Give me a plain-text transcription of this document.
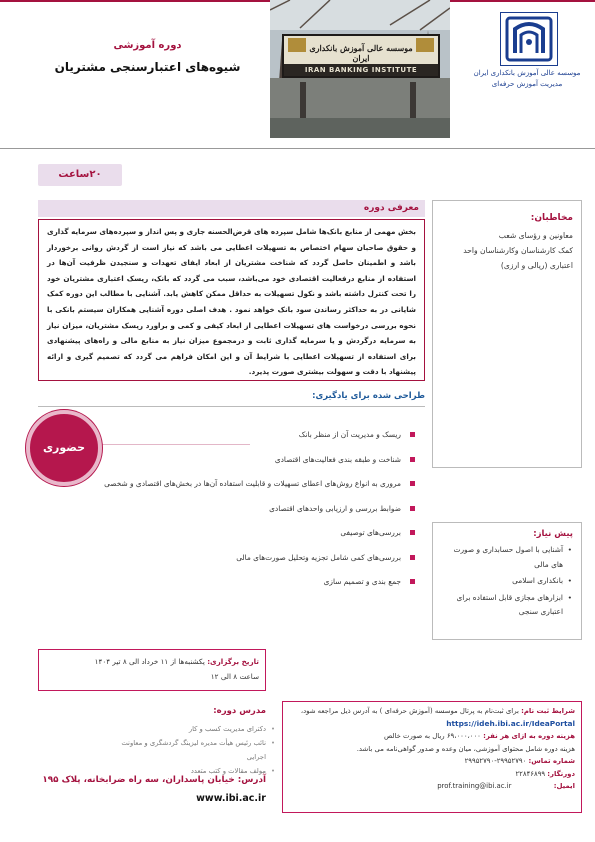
موسسه عالی آموزش بانکداری ایران
مدیریت آموزش حرفه‌ای
موسسه عالی آموزش بانکداری ایران
IRAN BANKING INSTITUTE
دوره آموزشی
شیوه‌های اعتبارسنجی مشتریان
۲۰ساعت
معرفی دوره
بخش مهمی از منابع بانک‌ها شامل سپرده های قرض‌الحسنه جاری و پس انداز و سپرده‌های سرمایه گذاری و حقوق صاحبان سهام اختصاص به تسهیلات اعطایی می باشد که نیاز است از گردش روانی برخوردار باشد و اطمینان حاصل گردد که شناخت مشتریان از ابعاد ایفای تعهدات و سنجیدن ظرفیت آن‌ها در استفاده از منابع درفعالیت اقتصادی خود می‌باشد، سبب می گردد که بانک، ریسک اعتباری مشتریان خود را تحت کنترل داشته باشد و نکول تسهیلات به حداقل ممکن کاهش یابد. آشنایی با مطالب این دوره کمک شایانی در به حداکثر رساندن سود بانک خواهد نمود . هدف اصلی دوره آشنایی همکاران سیستم بانکی با نحوه بررسی درخواست های تسهیلات اعطایی از ابعاد کیفی و کمی و براورد ریسک مشتریان، میزان نیاز به سرمایه درگردش و یا سرمایه گذاری ثابت و درمجموع میزان نیاز به منابع مالی و راه‌های پیشنهادی برای استفاده از تسهیلات اعطایی با شرایط آن و این امکان فراهم می گردد که تصمیم گیری و ارائه پیشنهاد با دقت و سهولت بیشتری صورت پذیرد.
مخاطبان:
معاونین و رؤسای شعب
کمک کارشناسان وکارشناسان واحد
اعتباری (ریالی و ارزی)
طراحی شده برای یادگیری:
حضوری
ریسک و مدیریت آن از منظر بانک
شناخت و طبقه بندی فعالیت‌های اقتصادی
مروری به انواع روش‌های اعطای تسهیلات و قابلیت استفاده آن‌ها در بخش‌های اقتصادی و شخصی
ضوابط بررسی و ارزیابی واحدهای اقتصادی
بررسی‌های توصیفی
بررسی‌های کمی شامل تجزیه وتحلیل صورت‌های مالی
جمع بندی و تصمیم سازی
پیش نیاز:
• آشنایی با اصول حسابداری و صورت های مالی
• بانکداری اسلامی
• ابزارهای مجازی قابل استفاده برای اعتباری سنجی
تاریخ برگزاری: یکشنبه‌ها از ۱۱ خرداد الی ۸ تیر ۱۴۰۴
ساعت ۸ الی ۱۲
مدرس دوره:
• دکترای مدیریت کسب و کار
• نائب رئیس هیأت مدیره لیزینگ گردشگری و معاونت اجرایی
• مولف مقالات و کتب متعدد
آدرس: خیابان پاسداران، سه راه ضرابخانه، پلاک ۱۹۵
www.ibi.ac.ir
شرایط ثبت نام: برای ثبت‌نام به پرتال موسسه (آموزش حرفه‌ای ) به آدرس ذیل مراجعه شود،
https://ideh.ibi.ac.ir/IdeaPortal
هزینه دوره به ازای هر نفر: ۶۹،۰۰۰،۰۰۰ ریال به صورت خالص
هزینه دوره شامل محتوای آموزشی، میان وعده و صدور گواهی‌نامه می باشد.
شماره تماس: ۲۹۹۵۲۷۹۰-۲۹۹۵۲۷۹۰
دورنگار: ۲۲۸۴۶۸۹۹
ایمیل: prof.training@ibi.ac.ir
